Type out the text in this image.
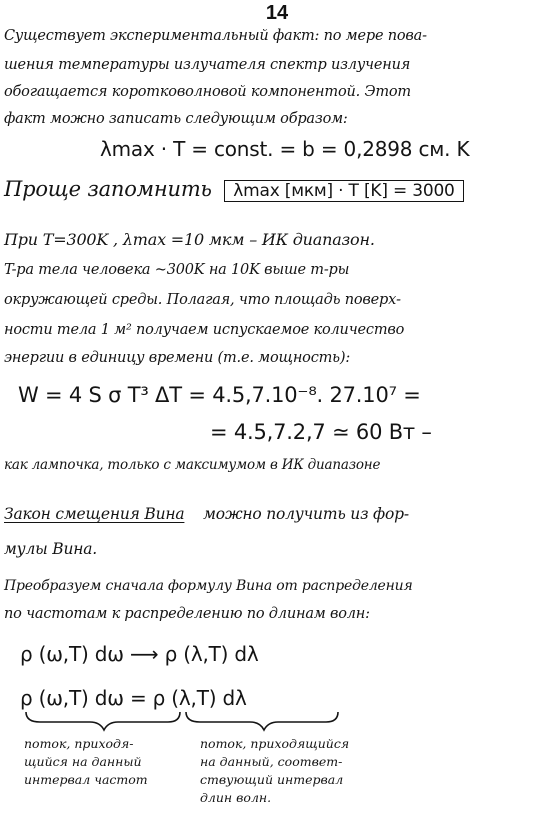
14
Существует экспериментальный факт: по мере пова-
шения температуры излучателя спектр излучения
обогащается коротковолновой компонентой. Этот
факт можно записать следующим образом:
λmax · T = const. = b = 0,2898 см. K
Проще запомнить λmax [мкм] · T [K] = 3000
При T=300K , λmax =10 мкм – ИК диапазон.
T-ра тела человека ~300K на 10K выше т-ры
окружающей среды. Полагая, что площадь поверх-
ности тела 1 м² получаем испускаемое количество
энергии в единицу времени (т.е. мощность):
W = 4 S σ T³ ΔT = 4.5,7.10⁻⁸. 27.10⁷ =
= 4.5,7.2,7 ≃ 60 Вт –
как лампочка, только с максимумом в ИК диапазоне
Закон смещения Вина можно получить из фор-
мулы Вина.
Преобразуем сначала формулу Вина от распределения
по частотам к распределению по длинам волн:
ρ (ω,T) dω ⟶ ρ (λ,T) dλ
ρ (ω,T) dω = ρ (λ,T) dλ
поток, приходя-
щийся на данный
интервал частот
поток, приходящийся
на данный, соответ-
ствующий интервал
длин волн.
